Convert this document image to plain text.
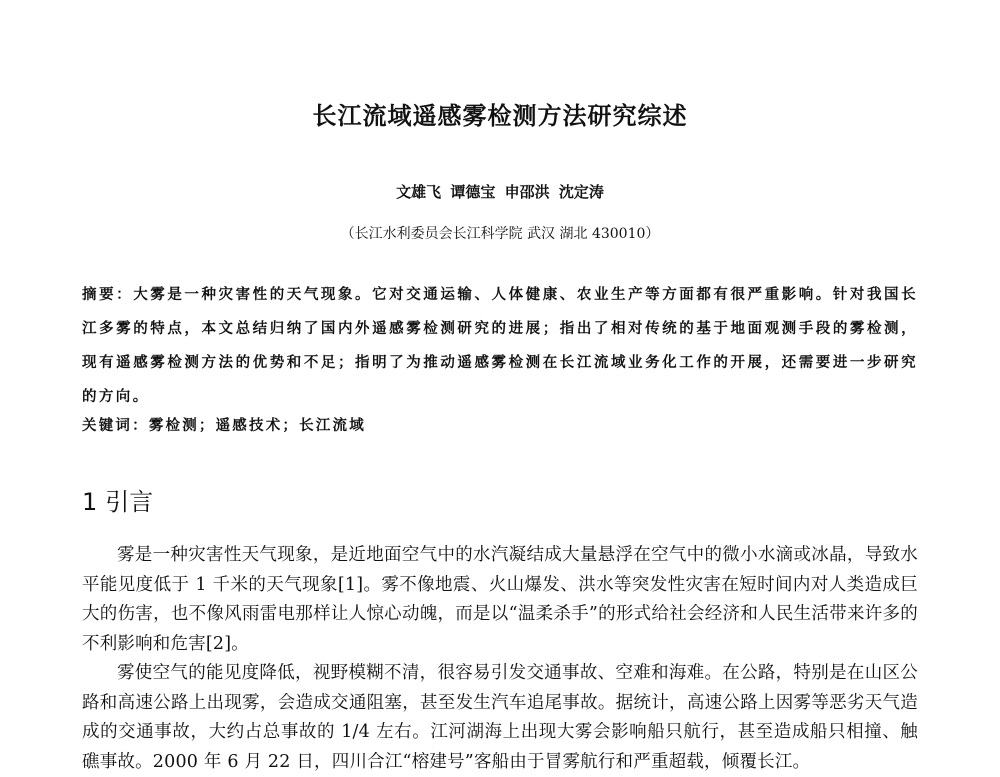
长江流域遥感雾检测方法研究综述
文雄飞 谭德宝 申邵洪 沈定涛
（长江水利委员会长江科学院 武汉 湖北 430010）
摘要：大雾是一种灾害性的天气现象。它对交通运输、人体健康、农业生产等方面都有很严重影响。针对我国长江多雾的特点，本文总结归纳了国内外遥感雾检测研究的进展；指出了相对传统的基于地面观测手段的雾检测，现有遥感雾检测方法的优势和不足；指明了为推动遥感雾检测在长江流域业务化工作的开展，还需要进一步研究的方向。
关键词：雾检测；遥感技术；长江流域
1 引言

雾是一种灾害性天气现象，是近地面空气中的水汽凝结成大量悬浮在空气中的微小水滴或冰晶，导致水平能见度低于 1 千米的天气现象[1]。雾不像地震、火山爆发、洪水等突发性灾害在短时间内对人类造成巨大的伤害，也不像风雨雷电那样让人惊心动魄，而是以“温柔杀手”的形式给社会经济和人民生活带来许多的不利影响和危害[2]。

雾使空气的能见度降低，视野模糊不清，很容易引发交通事故、空难和海难。在公路，特别是在山区公路和高速公路上出现雾，会造成交通阻塞，甚至发生汽车追尾事故。据统计，高速公路上因雾等恶劣天气造成的交通事故，大约占总事故的 1/4 左右。江河湖海上出现大雾会影响船只航行，甚至造成船只相撞、触礁事故。2000 年 6 月 22 日，四川合江“榕建号”客船由于冒雾航行和严重超载，倾覆长江。
